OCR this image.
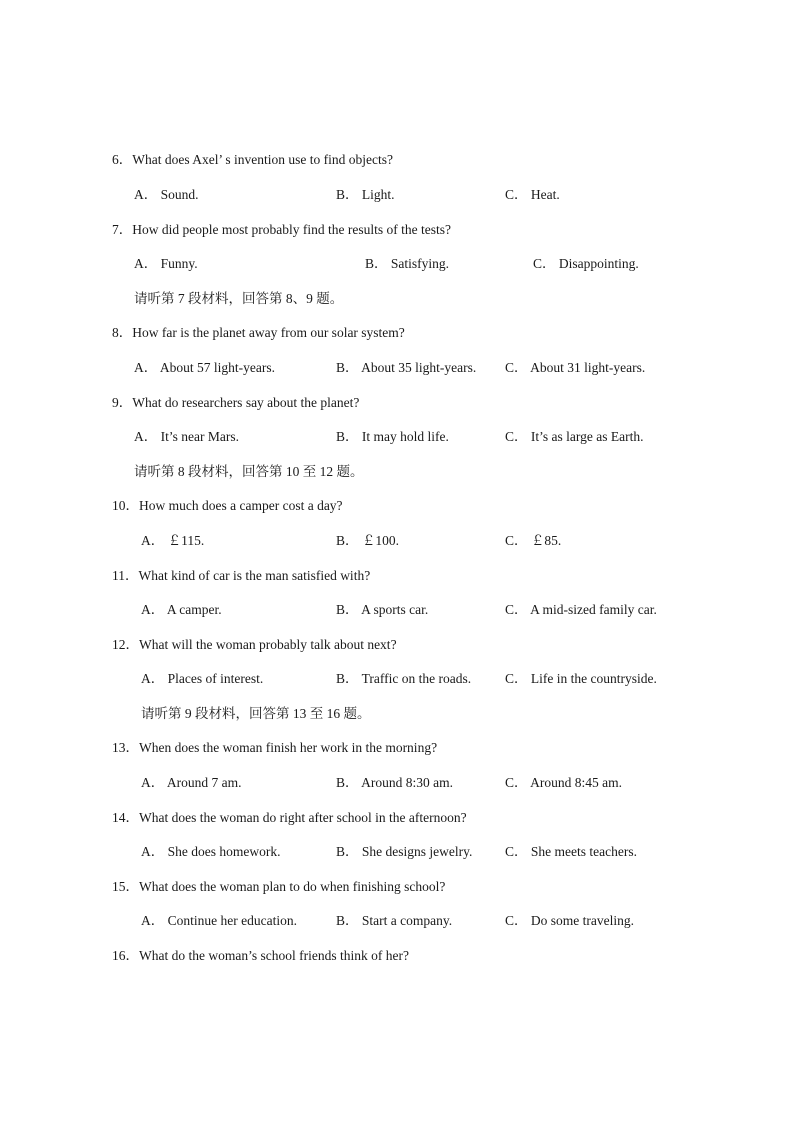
6．What does Axel’ s invention use to find objects?
A． Sound.	B． Light.	C． Heat.
7．How did people most probably find the results of the tests?
A． Funny.	B． Satisfying.	C． Disappointing.
请听第 7 段材料，回答第 8、9 题。
8．How far is the planet away from our solar system?
A． About 57 light-years.	B． About 35 light-years. C． About 31 light-years.
9．What do researchers say about the planet?
A． It’s near Mars.	B． It may hold life.	C． It’s as large as Earth.
请听第 8 段材料，回答第 10 至 12 题。
10．How much does a camper cost a day?
A． ￡115.	B． ￡100.	C． ￡85.
11．What kind of car is the man satisfied with?
A． A camper.	B． A sports car.	C． A mid-sized family car.
12．What will the woman probably talk about next?
A． Places of interest.	B． Traffic on the roads.	C． Life in the countryside.
请听第 9 段材料，回答第 13 至 16 题。
13．When does the woman finish her work in the morning?
A． Around 7 am.	B． Around 8:30 am.	C． Around 8:45 am.
14．What does the woman do right after school in the afternoon?
A． She does homework.	B． She designs jewelry. C． She meets teachers.
15．What does the woman plan to do when finishing school?
A． Continue her education.	B． Start a company.	C． Do some traveling.
16．What do the woman’s school friends think of her?
